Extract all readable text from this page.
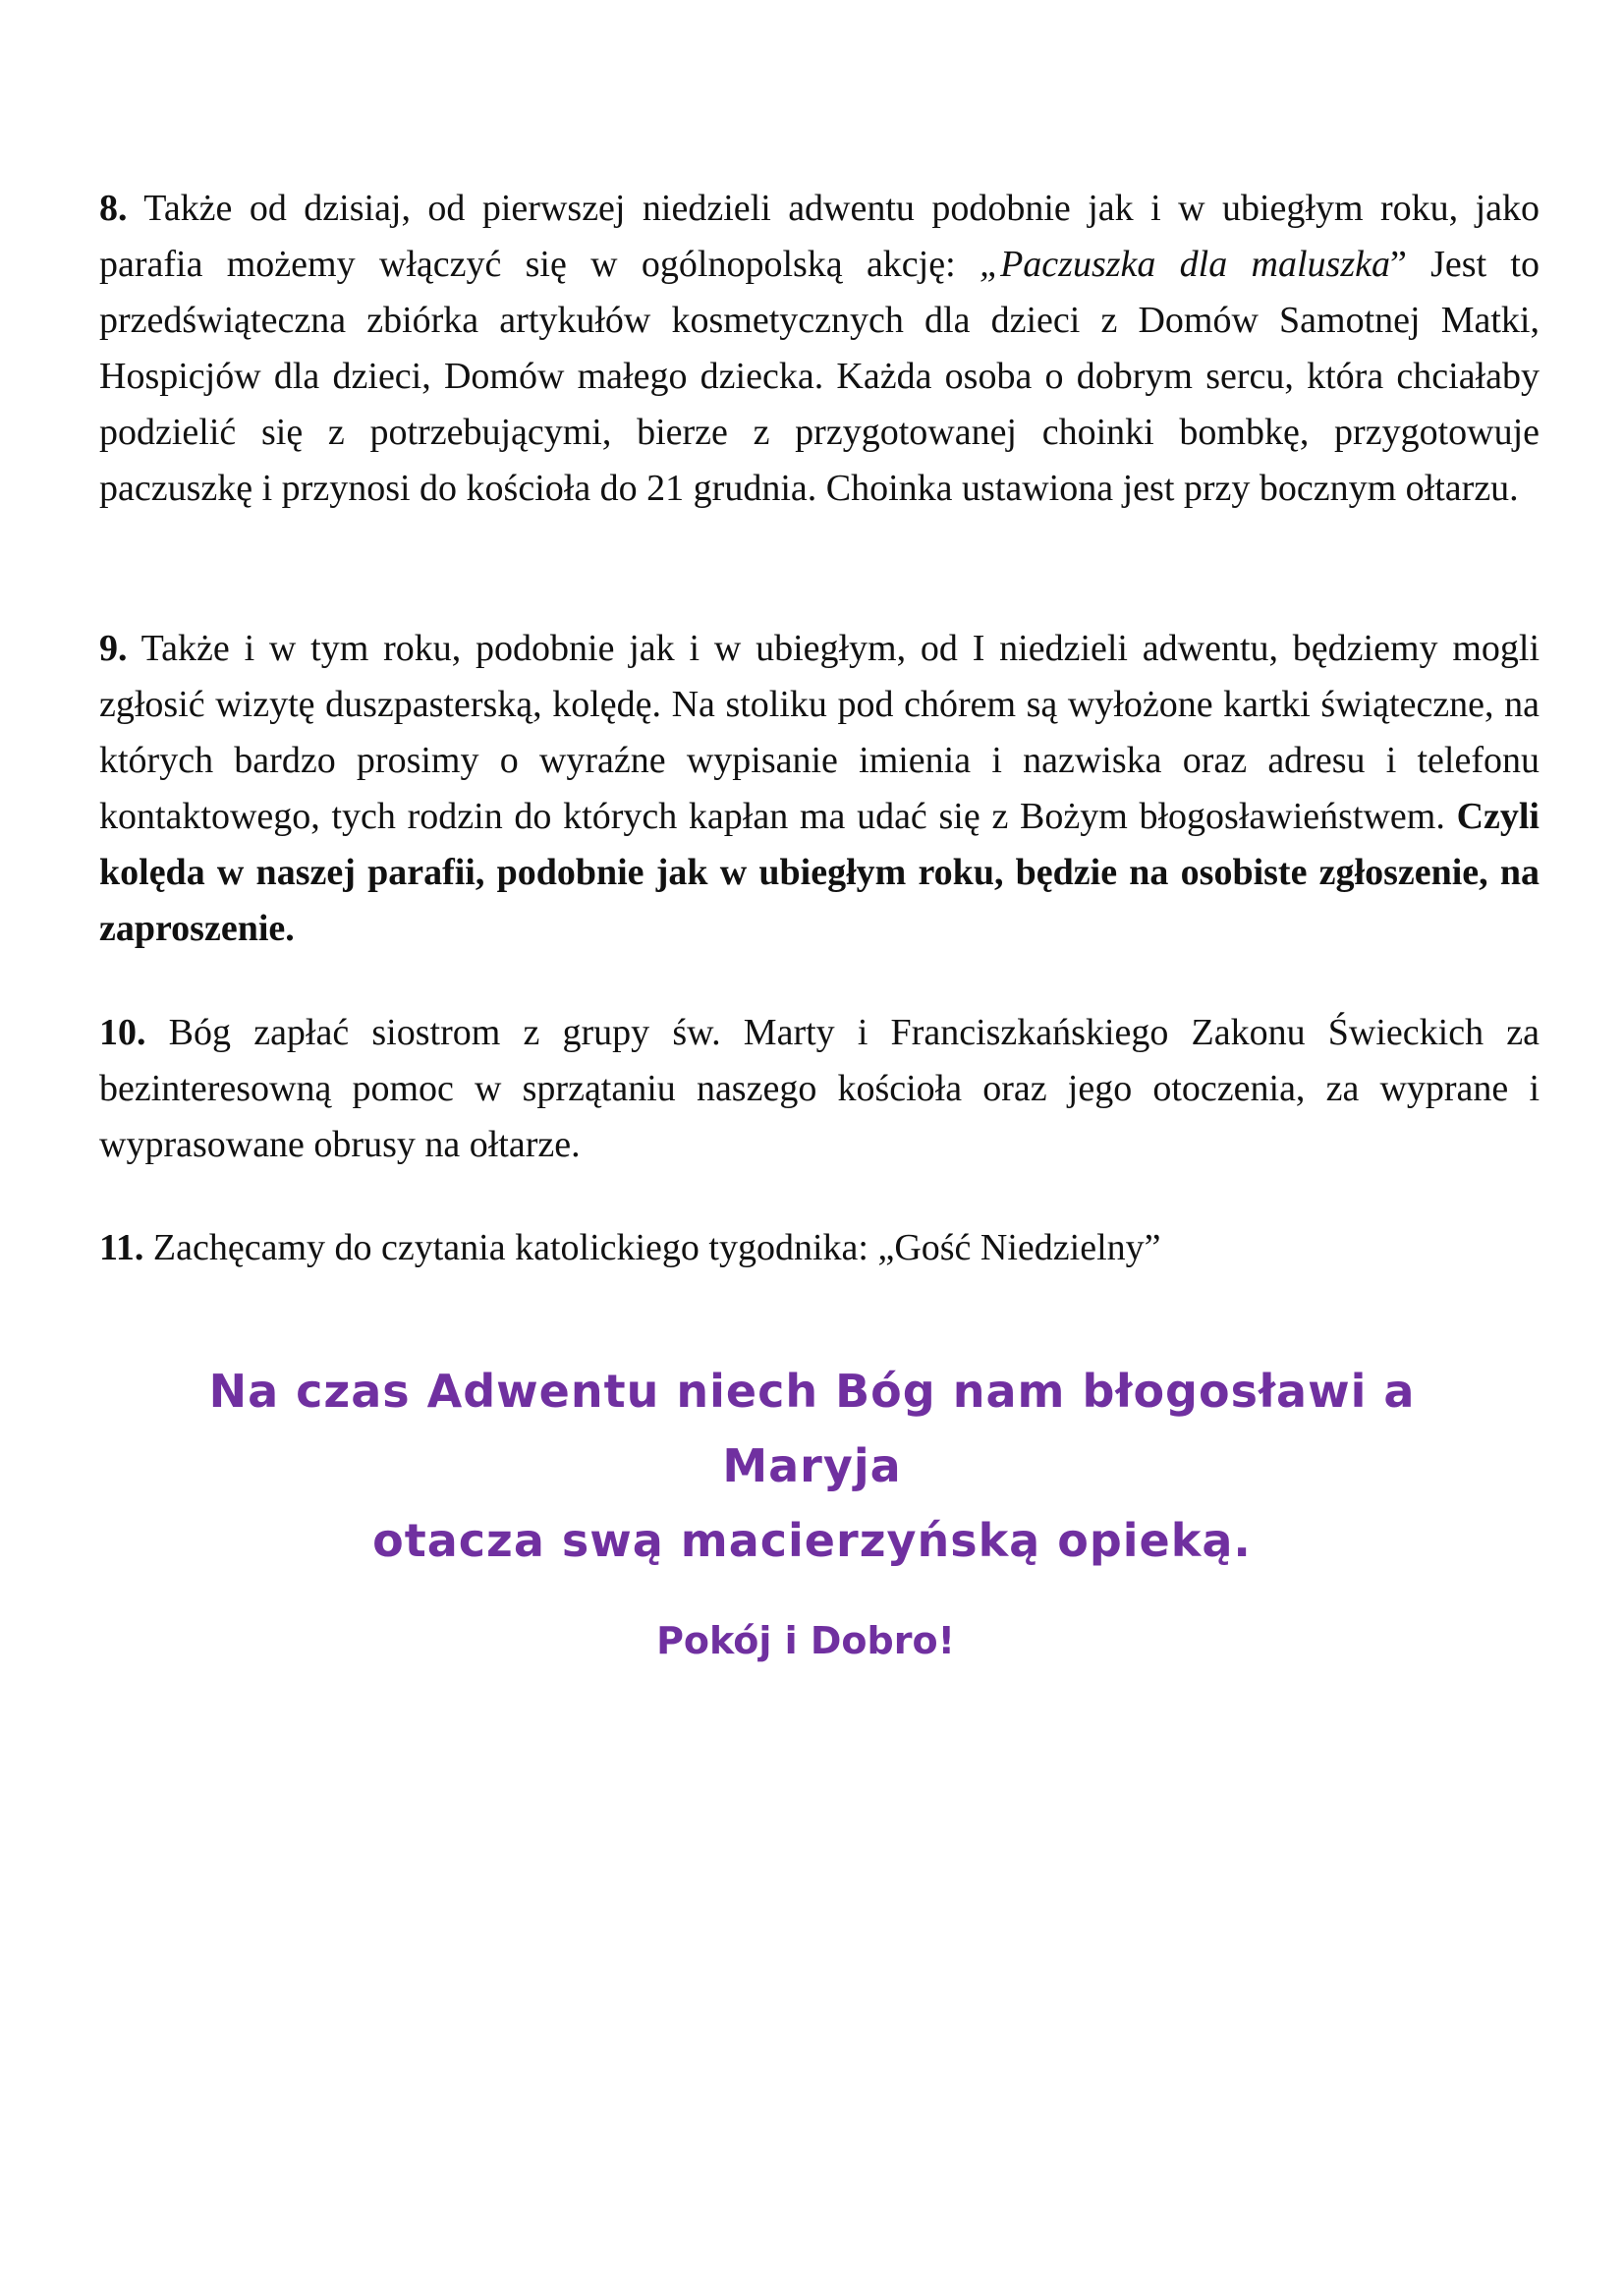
8. Także od dzisiaj, od pierwszej niedzieli adwentu podobnie jak i w ubiegłym roku, jako parafia możemy włączyć się w ogólnopolską akcję: „Paczuszka dla maluszka” Jest to przedświąteczna zbiórka artykułów kosmetycznych dla dzieci z Domów Samotnej Matki, Hospicjów dla dzieci, Domów małego dziecka. Każda osoba o dobrym sercu, która chciałaby podzielić się z potrzebującymi, bierze z przygotowanej choinki bombkę, przygotowuje paczuszkę i przynosi do kościoła do 21 grudnia. Choinka ustawiona jest przy bocznym ołtarzu.
9. Także i w tym roku, podobnie jak i w ubiegłym, od I niedzieli adwentu, będziemy mogli zgłosić wizytę duszpasterską, kolędę. Na stoliku pod chórem są wyłożone kartki świąteczne, na których bardzo prosimy o wyraźne wypisanie imienia i nazwiska oraz adresu i telefonu kontaktowego, tych rodzin do których kapłan ma udać się z Bożym błogosławieństwem. Czyli kolęda w naszej parafii, podobnie jak w ubiegłym roku, będzie na osobiste zgłoszenie, na zaproszenie.
10. Bóg zapłać siostrom z grupy św. Marty i Franciszkańskiego Zakonu Świeckich za bezinteresowną pomoc w sprzątaniu naszego kościoła oraz jego otoczenia, za wyprane i wyprasowane obrusy na ołtarze.
11. Zachęcamy do czytania katolickiego tygodnika: „Gość Niedzielny”
Na czas Adwentu niech Bóg nam błogosławi a Maryja
otacza swą macierzyńską opieką.
Pokój i Dobro!
